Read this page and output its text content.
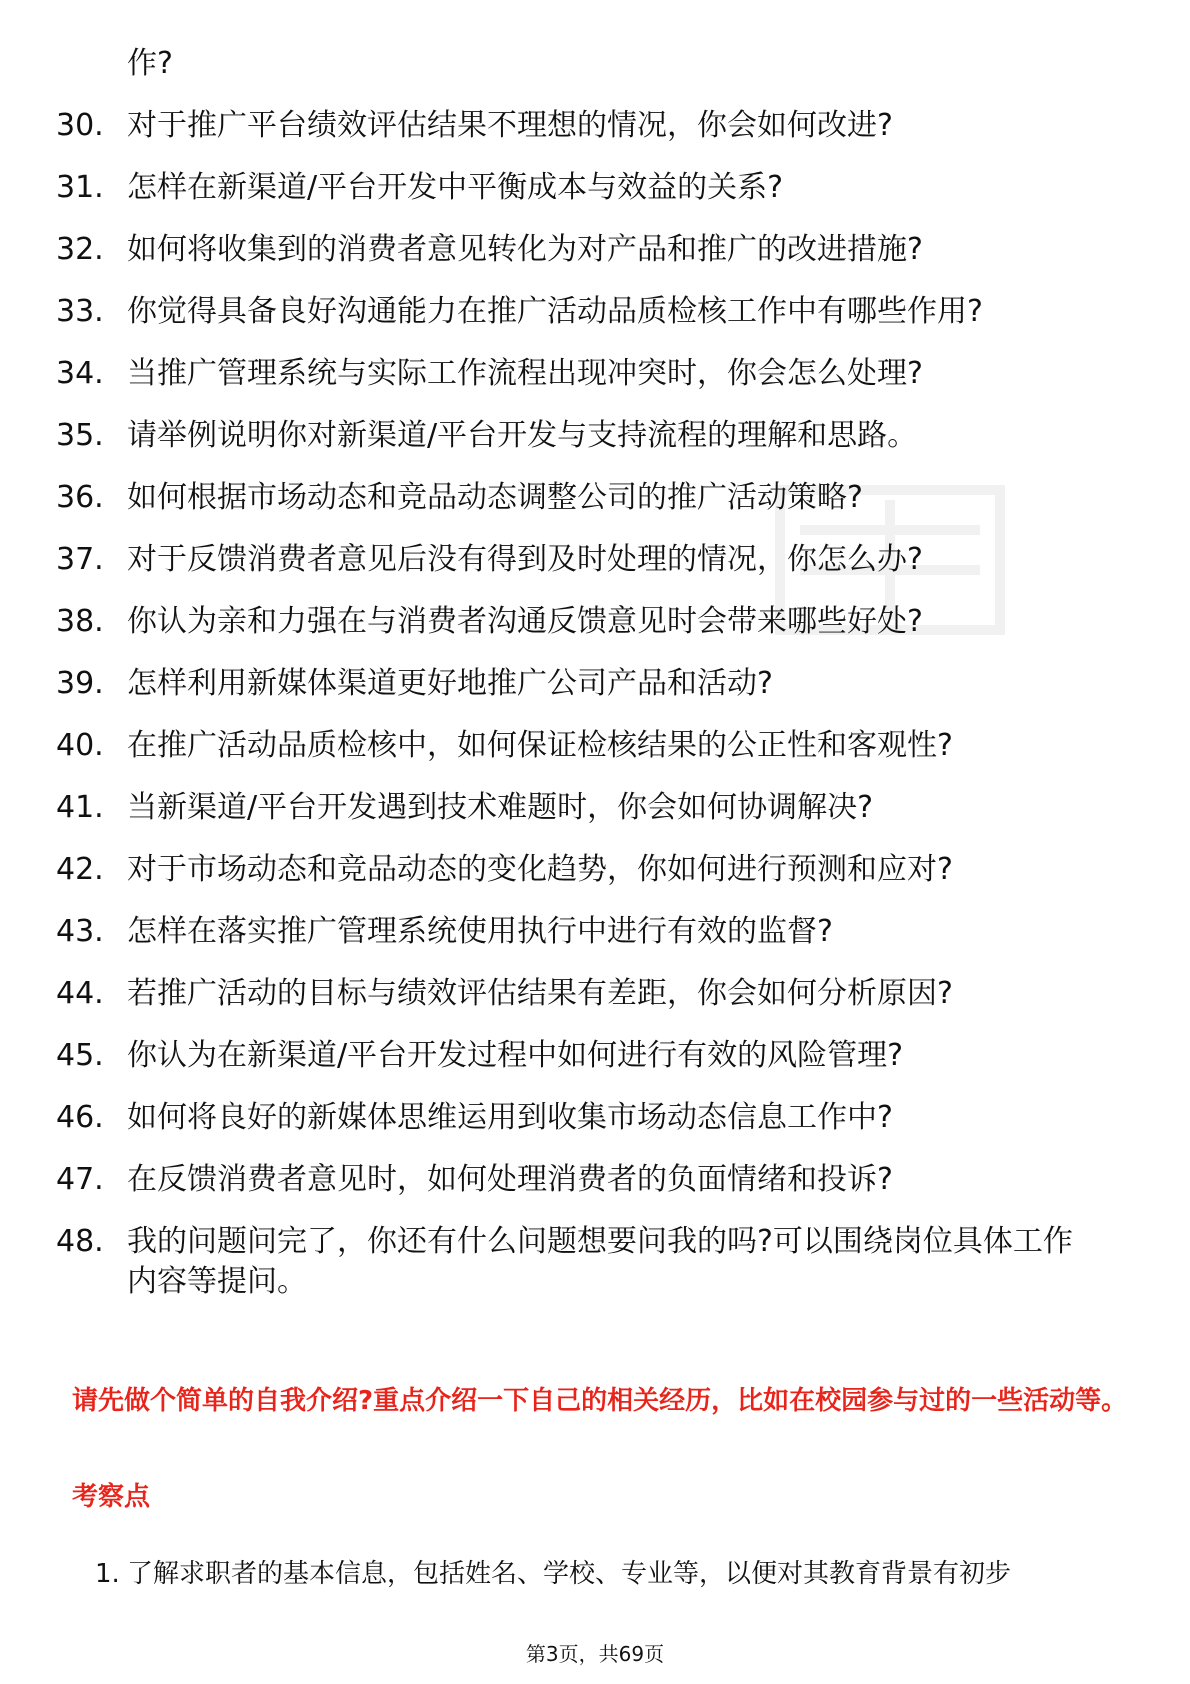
作?
30. 对于推广平台绩效评估结果不理想的情况，你会如何改进?
31. 怎样在新渠道/平台开发中平衡成本与效益的关系?
32. 如何将收集到的消费者意见转化为对产品和推广的改进措施?
33. 你觉得具备良好沟通能力在推广活动品质检核工作中有哪些作用?
34. 当推广管理系统与实际工作流程出现冲突时，你会怎么处理?
35. 请举例说明你对新渠道/平台开发与支持流程的理解和思路。
36. 如何根据市场动态和竞品动态调整公司的推广活动策略?
37. 对于反馈消费者意见后没有得到及时处理的情况，你怎么办?
38. 你认为亲和力强在与消费者沟通反馈意见时会带来哪些好处?
39. 怎样利用新媒体渠道更好地推广公司产品和活动?
40. 在推广活动品质检核中，如何保证检核结果的公正性和客观性?
41. 当新渠道/平台开发遇到技术难题时，你会如何协调解决?
42. 对于市场动态和竞品动态的变化趋势，你如何进行预测和应对?
43. 怎样在落实推广管理系统使用执行中进行有效的监督?
44. 若推广活动的目标与绩效评估结果有差距，你会如何分析原因?
45. 你认为在新渠道/平台开发过程中如何进行有效的风险管理?
46. 如何将良好的新媒体思维运用到收集市场动态信息工作中?
47. 在反馈消费者意见时，如何处理消费者的负面情绪和投诉?
48. 我的问题问完了，你还有什么问题想要问我的吗?可以围绕岗位具体工作内容等提问。
请先做个简单的自我介绍?重点介绍一下自己的相关经历，比如在校园参与过的一些活动等。
考察点
1. 了解求职者的基本信息，包括姓名、学校、专业等，以便对其教育背景有初步
第3页，共69页
